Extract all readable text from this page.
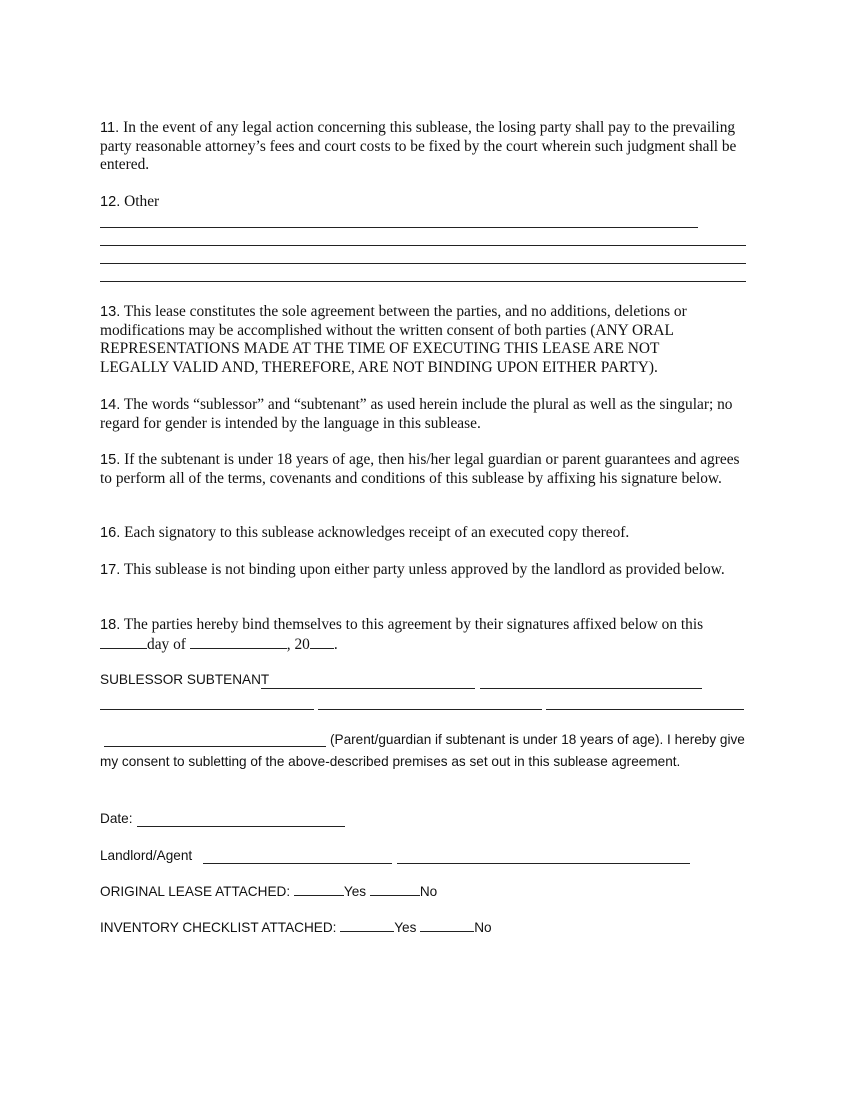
11. In the event of any legal action concerning this sublease, the losing party shall pay to the prevailing party reasonable attorney’s fees and court costs to be fixed by the court wherein such judgment shall be entered.
12. Other
13. This lease constitutes the sole agreement between the parties, and no additions, deletions or modifications may be accomplished without the written consent of both parties (ANY ORAL REPRESENTATIONS MADE AT THE TIME OF EXECUTING THIS LEASE ARE NOT LEGALLY VALID AND, THEREFORE, ARE NOT BINDING UPON EITHER PARTY).
14. The words “sublessor” and “subtenant” as used herein include the plural as well as the singular; no regard for gender is intended by the language in this sublease.
15. If the subtenant is under 18 years of age, then his/her legal guardian or parent guarantees and agrees to perform all of the terms, covenants and conditions of this sublease by affixing his signature below.
16. Each signatory to this sublease acknowledges receipt of an executed copy thereof.
17. This sublease is not binding upon either party unless approved by the landlord as provided below.
18. The parties hereby bind themselves to this agreement by their signatures affixed below on this
day of	, 20 .
SUBLESSOR SUBTENANT
(Parent/guardian if subtenant is under 18 years of age). I hereby give my consent to subletting of the above-described premises as set out in this sublease agreement.
Date:
Landlord/Agent
ORIGINAL LEASE ATTACHED:	Yes	No
INVENTORY CHECKLIST ATTACHED:	Yes	No
